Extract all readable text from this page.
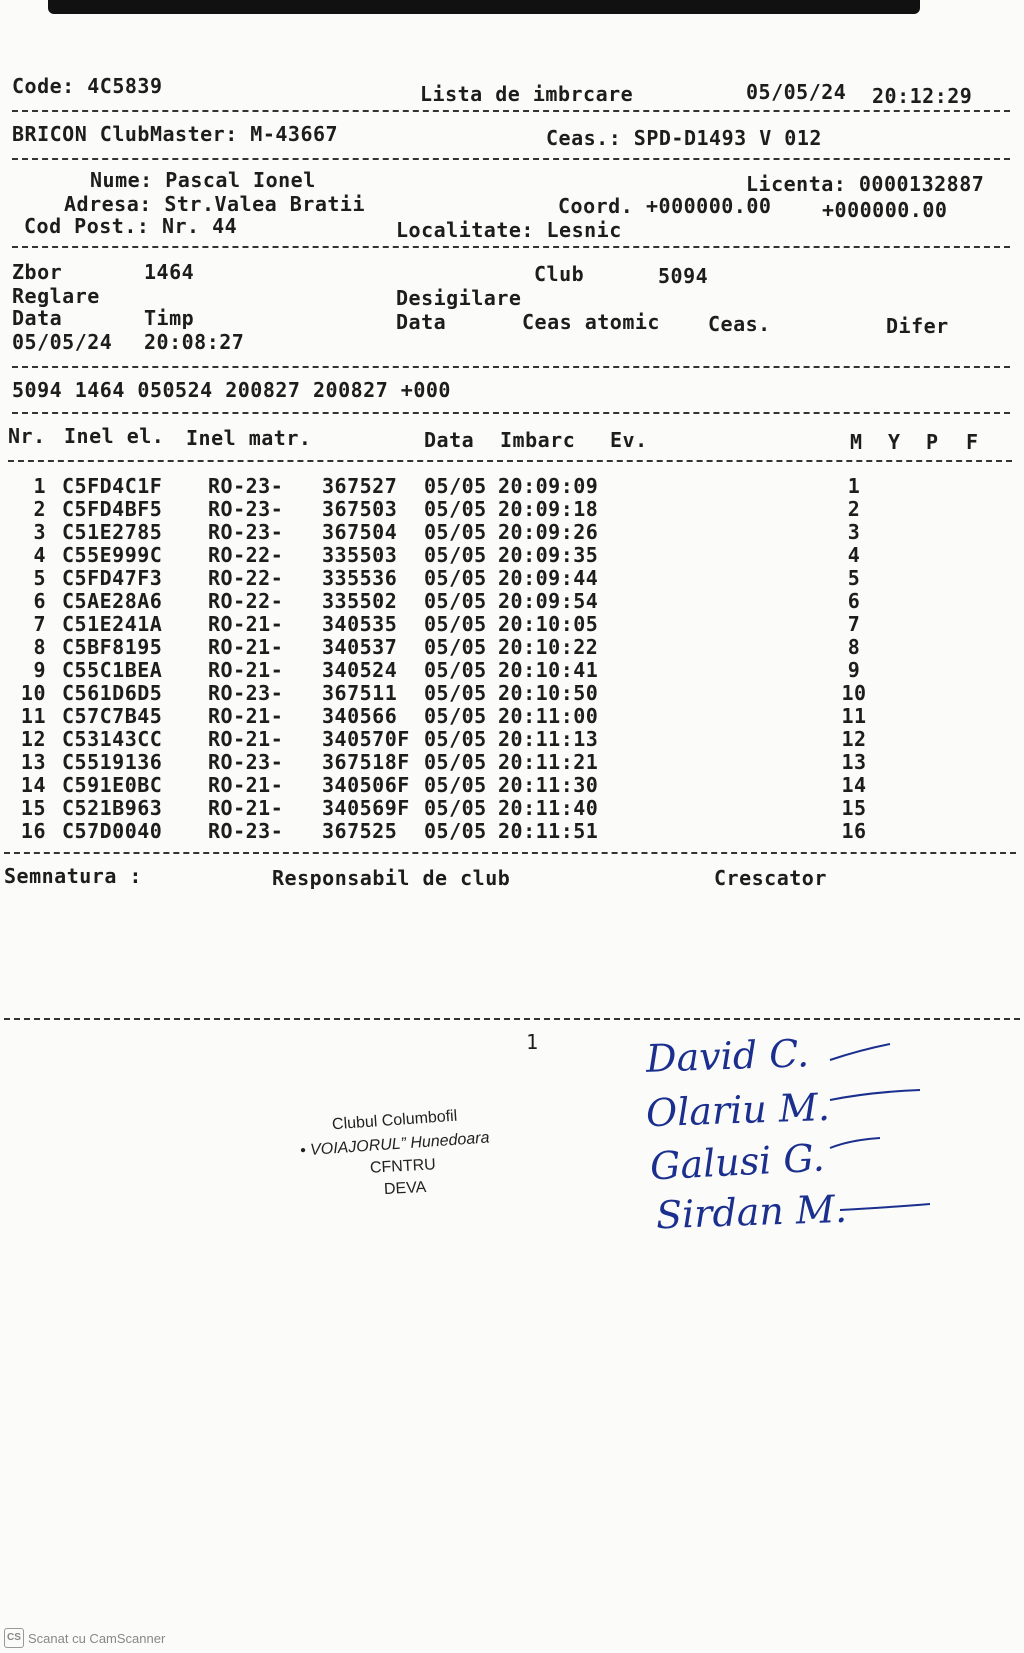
Code: 4C5839	Lista de imbrcare	05/05/24 20:12:29
BRICON ClubMaster: M-43667	Ceas.: SPD-D1493 V 012
Nume: Pascal Ionel	Licenta: 0000132887
Adresa: Str.Valea Bratii	Coord. +000000.00	+000000.00
Cod Post.: Nr. 44	Localitate: Lesnic
Zbor	1464	Club	5094
Reglare	Desigilare
Data	Timp	Data	Ceas atomic Ceas.	Difer
05/05/24 20:08:27
5094 1464 050524 200827 200827 +000
Nr. Inel el. Inel matr.	Data Imbarc Ev.	M Y P F
1 C5FD4C1F RO-23- 367527 05/05 20:09:09	1
2 C5FD4BF5 RO-23- 367503 05/05 20:09:18	2
3 C51E2785 RO-23- 367504 05/05 20:09:26	3
4 C55E999C RO-22- 335503 05/05 20:09:35	4
5 C5FD47F3 RO-22- 335536 05/05 20:09:44	5
6 C5AE28A6 RO-22- 335502 05/05 20:09:54	6
7 C51E241A RO-21- 340535 05/05 20:10:05	7
8 C5BF8195 RO-21- 340537 05/05 20:10:22	8
9 C55C1BEA RO-21- 340524 05/05 20:10:41	9
10 C561D6D5 RO-23- 367511 05/05 20:10:50	10
11 C57C7B45 RO-21- 340566 05/05 20:11:00	11
12 C53143CC RO-21- 340570F 05/05 20:11:13	12
13 C5519136 RO-23- 367518F 05/05 20:11:21	13
14 C591E0BC RO-21- 340506F 05/05 20:11:30	14
15 C521B963 RO-21- 340569F 05/05 20:11:40	15
16 C57D0040 RO-23- 367525 05/05 20:11:51	16
Semnatura :	Responsabil de club	Crescator
1
Clubul Columbofil
• VOIAJORUL” Hunedoara
CFNTRU
DEVA
David C.
Olariu M.
Galusi G.
Sirdan M.
CS Scanat cu CamScanner
